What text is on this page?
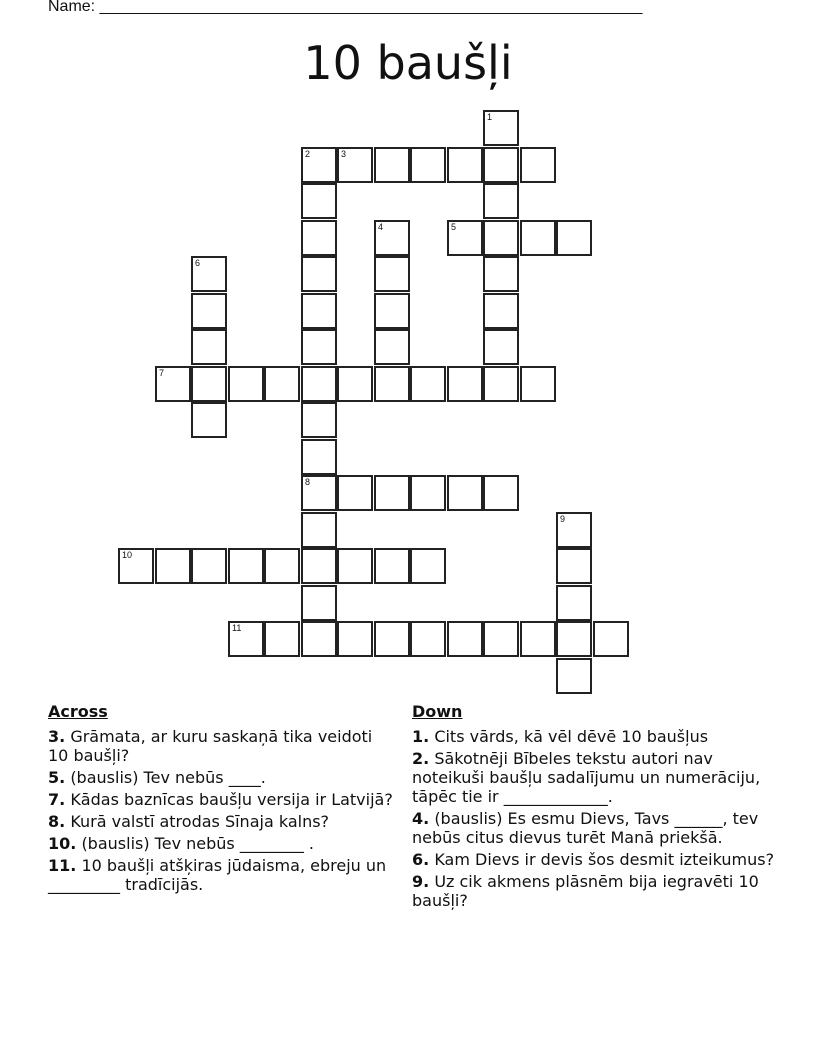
Name: _____________________________________________________________
10 baušļi
1
2
8
3
4	5
6
7
9
10
11
Across
3. Grāmata, ar kuru saskaņā tika veidoti 10 baušļi?
5. (bauslis) Tev nebūs ____.
7. Kādas baznīcas baušļu versija ir Latvijā?
8. Kurā valstī atrodas Sīnaja kalns?
10. (bauslis) Tev nebūs ________ .
11. 10 baušļi atšķiras jūdaisma, ebreju un _________ tradīcijās.
Down
1. Cits vārds, kā vēl dēvē 10 baušļus
2. Sākotnēji Bībeles tekstu autori nav noteikuši baušļu sadalījumu un numerāciju, tāpēc tie ir _____________.
4. (bauslis) Es esmu Dievs, Tavs ______, tev nebūs citus dievus turēt Manā priekšā.
6. Kam Dievs ir devis šos desmit izteikumus?
9. Uz cik akmens plāsnēm bija iegravēti 10 baušļi?
